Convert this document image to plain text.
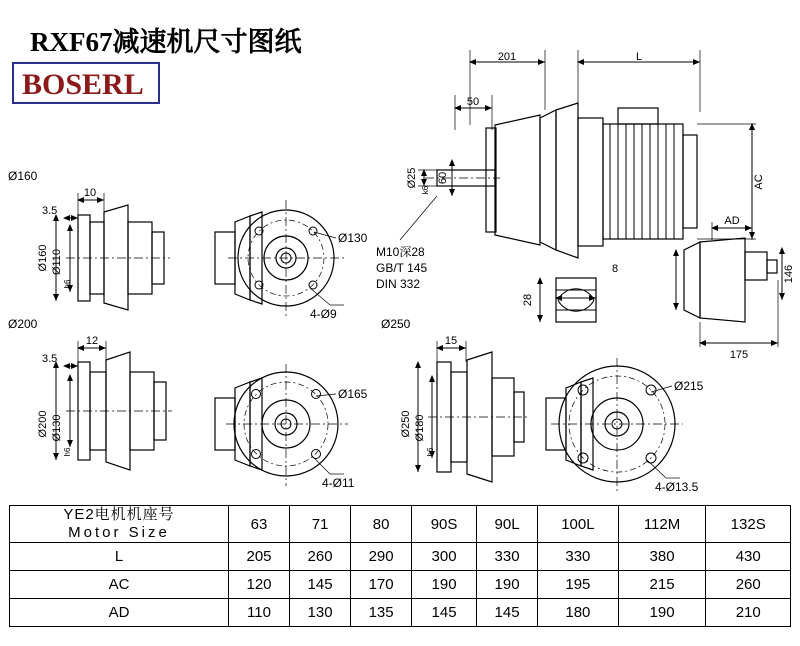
RXF67减速机尺寸图纸
BOSERL
201	L
50
Ø25
k6
60	AC
AD
146
175
M10深28
GB/T 145
DIN 332
8
28
Ø160
10
3.5
Ø160 Ø110
h6
Ø130
4-Ø9
Ø200
12
3.5
Ø200 Ø130
h6
Ø165
4-Ø11
Ø250
15
Ø250 Ø180
h6
Ø215
4-Ø13.5
YE2电机机座号
Motor Size	63	71	80	90S	90L	100L	112M	132S
L	205	260	290	300	330	330	380	430
AC	120	145	170	190	190	195	215	260
AD	110	130	135	145	145	180	190	210
